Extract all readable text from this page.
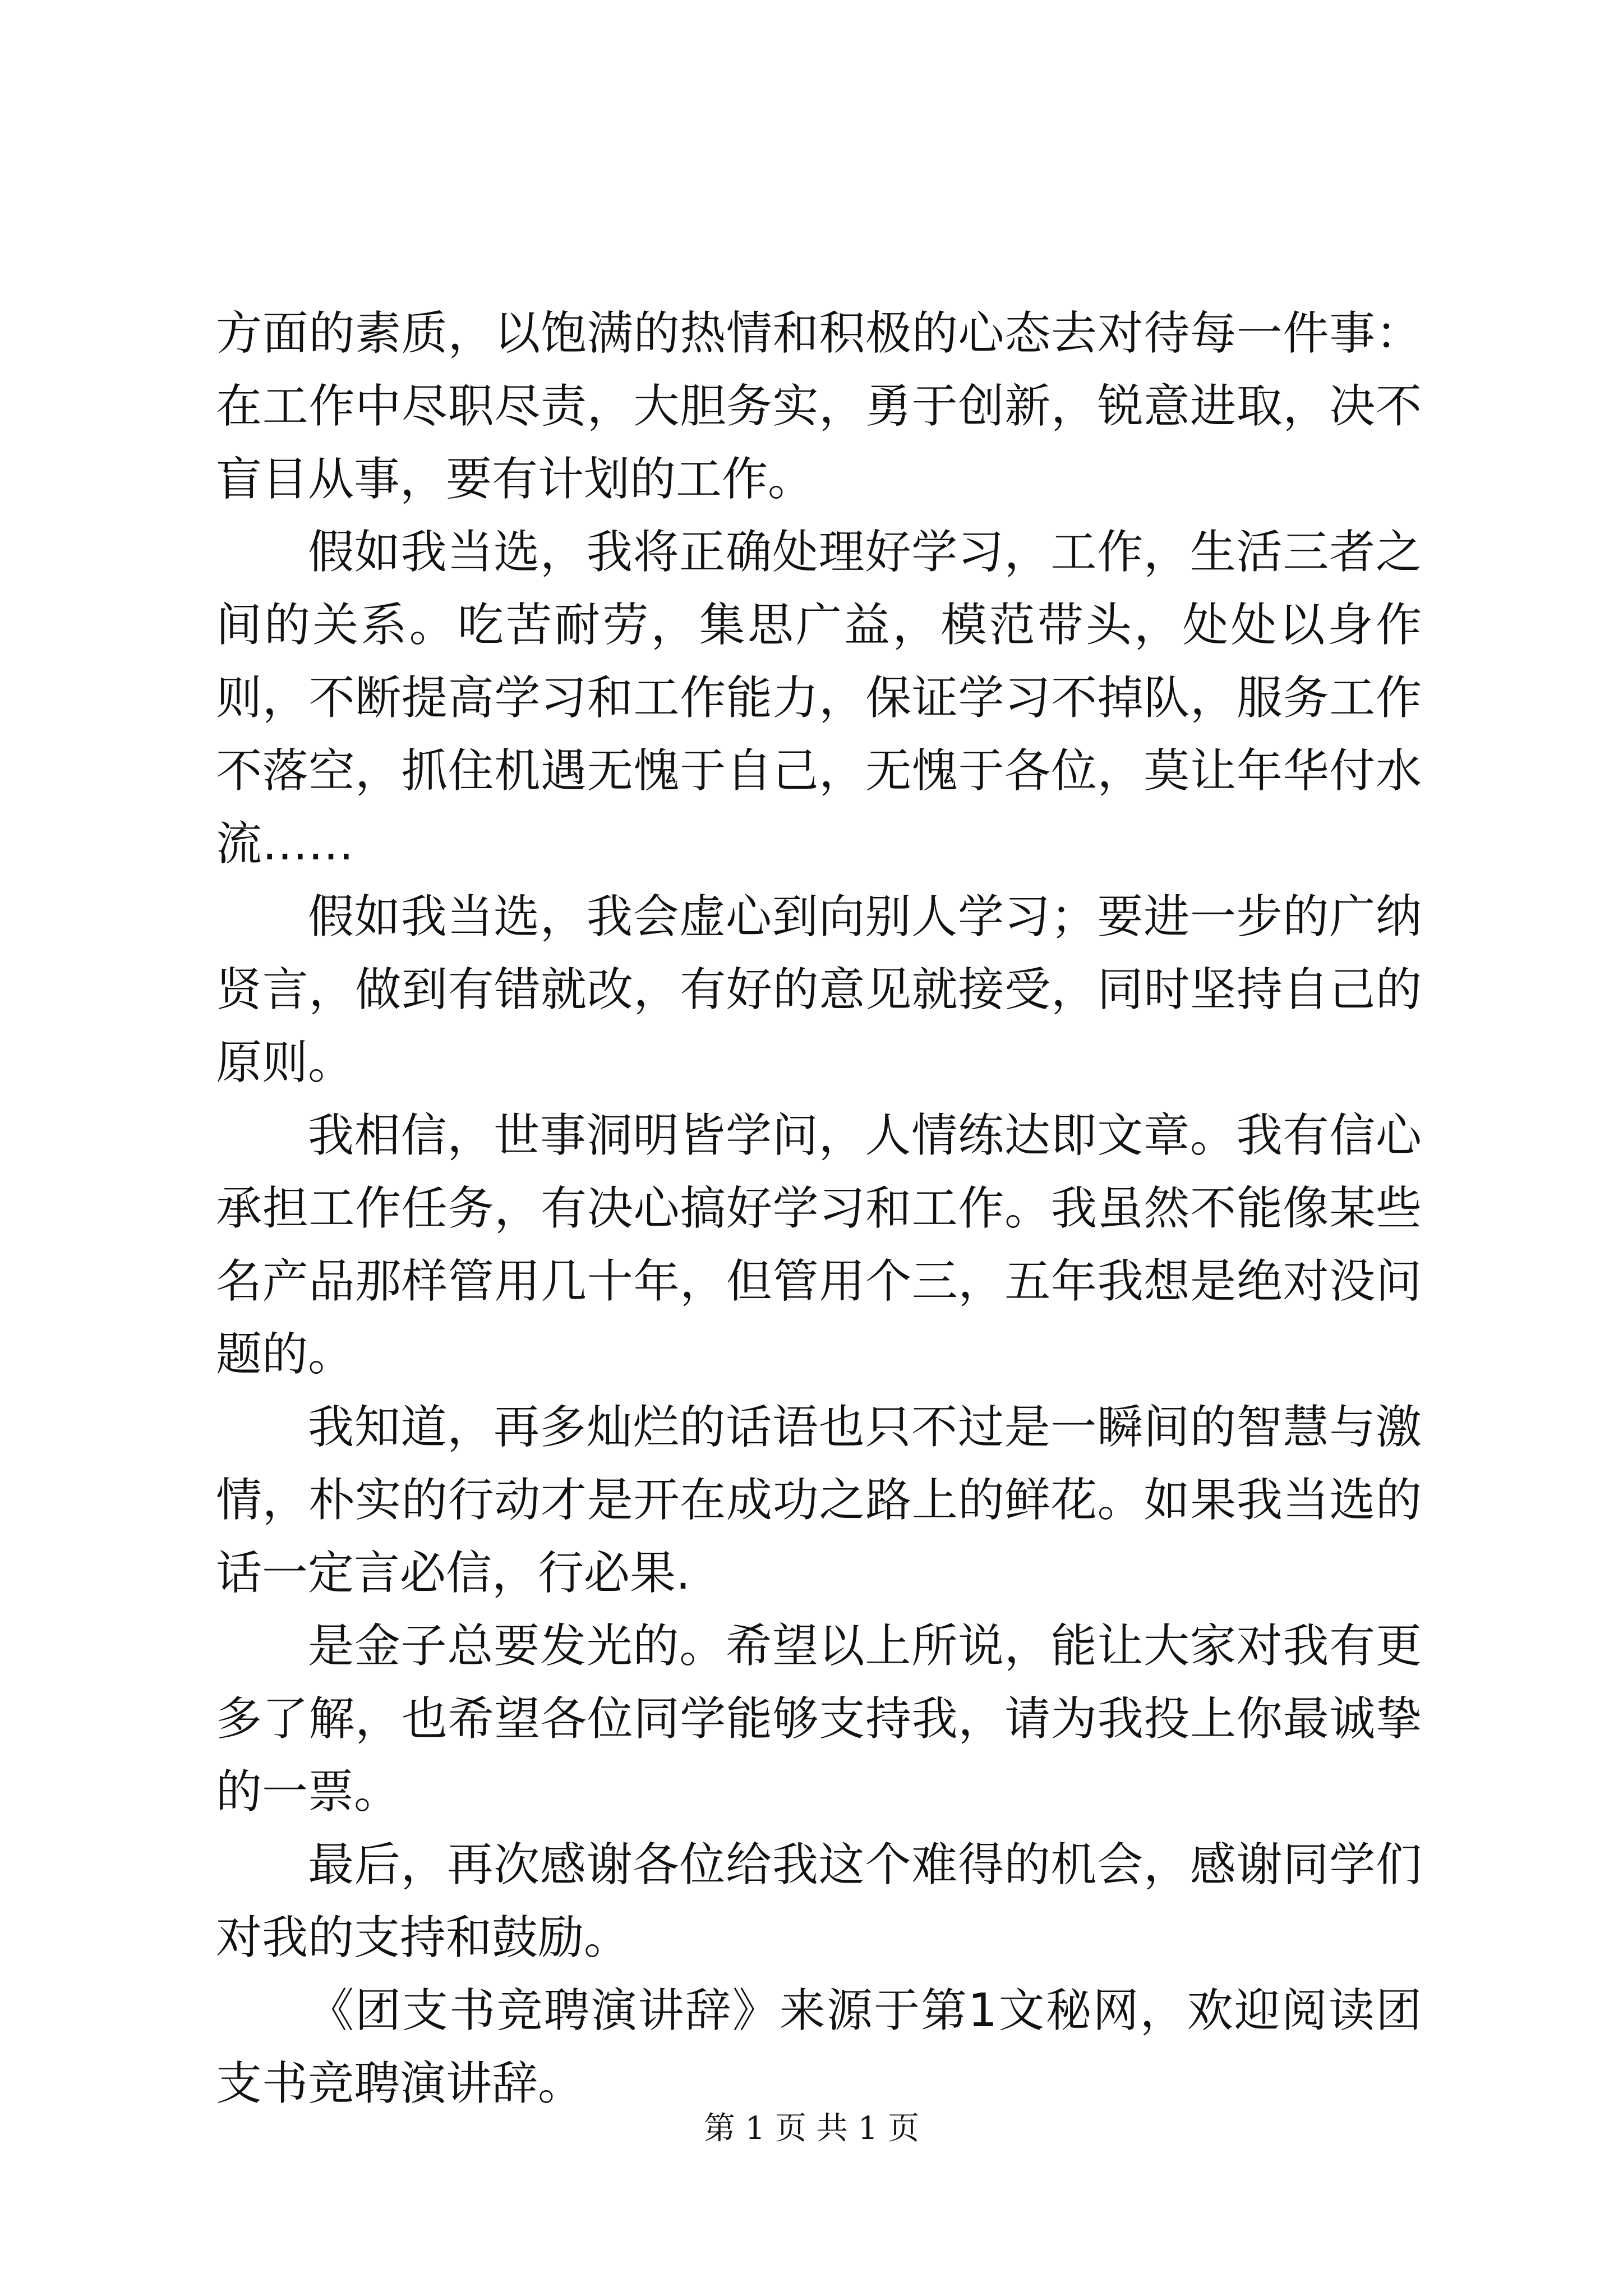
方面的素质，以饱满的热情和积极的心态去对待每一件事：在工作中尽职尽责，大胆务实，勇于创新，锐意进取，决不盲目从事，要有计划的工作。

假如我当选，我将正确处理好学习，工作，生活三者之间的关系。吃苦耐劳，集思广益，模范带头，处处以身作则，不断提高学习和工作能力，保证学习不掉队，服务工作不落空，抓住机遇无愧于自己，无愧于各位，莫让年华付水流……

假如我当选，我会虚心到向别人学习；要进一步的广纳贤言，做到有错就改，有好的意见就接受，同时坚持自己的原则。

我相信，世事洞明皆学问，人情练达即文章。我有信心承担工作任务，有决心搞好学习和工作。我虽然不能像某些名产品那样管用几十年，但管用个三，五年我想是绝对没问题的。

我知道，再多灿烂的话语也只不过是一瞬间的智慧与激情，朴实的行动才是开在成功之路上的鲜花。如果我当选的话一定言必信，行必果.

是金子总要发光的。希望以上所说，能让大家对我有更多了解，也希望各位同学能够支持我，请为我投上你最诚挚的一票。

最后，再次感谢各位给我这个难得的机会，感谢同学们对我的支持和鼓励。

《团支书竞聘演讲辞》来源于第1文秘网，欢迎阅读团支书竞聘演讲辞。

第 1 页 共 1 页
